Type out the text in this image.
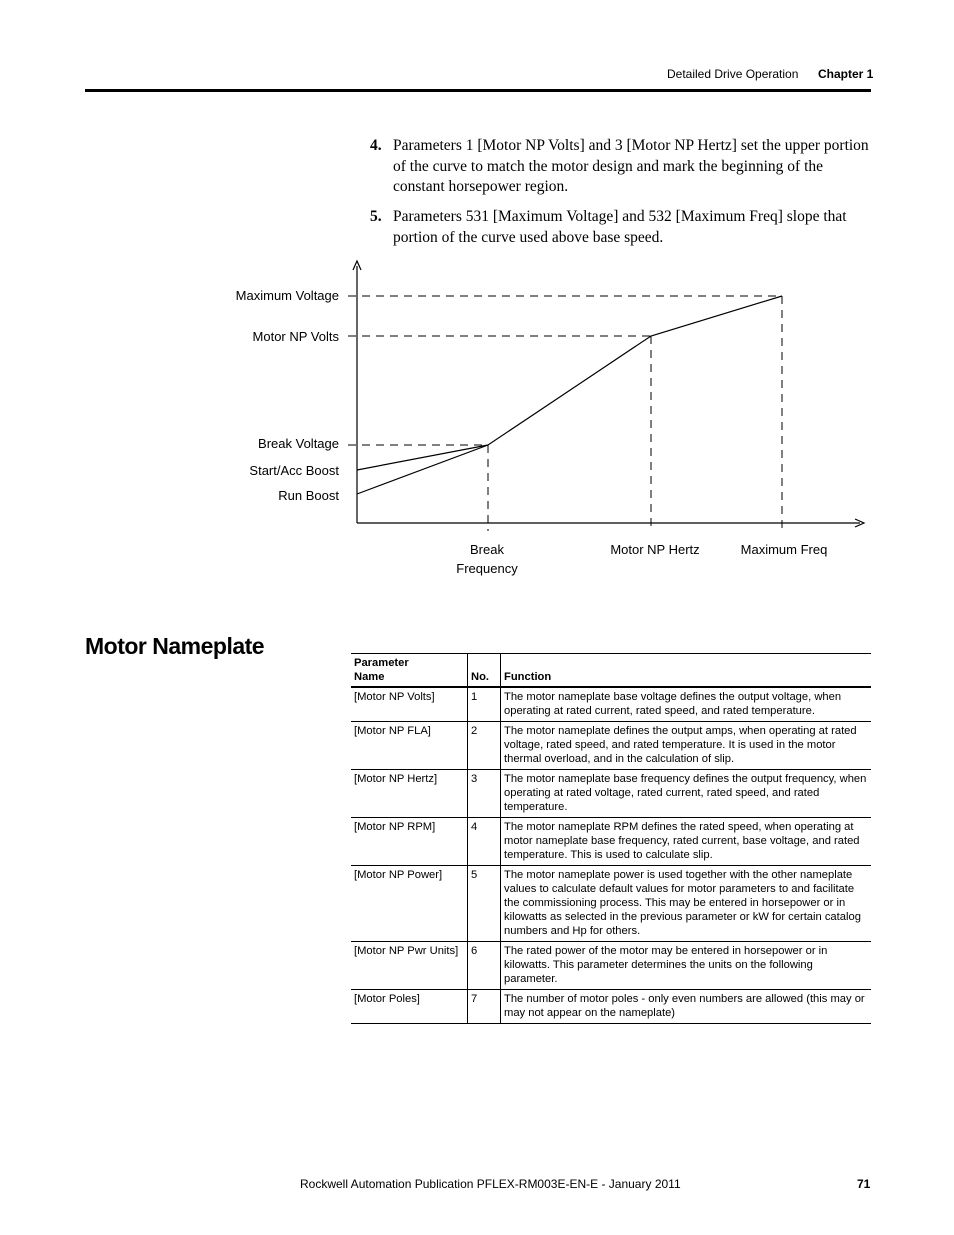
Detailed Drive Operation Chapter 1
4. Parameters 1 [Motor NP Volts] and 3 [Motor NP Hertz] set the upper portion of the curve to match the motor design and mark the beginning of the constant horsepower region.
5. Parameters 531 [Maximum Voltage] and 532 [Maximum Freq] slope that portion of the curve used above base speed.
Maximum Voltage
Motor NP Volts
Break Voltage
Start/Acc Boost
Run Boost
Break
Frequency
Motor NP Hertz	Maximum Freq
Motor Nameplate
Parameter
Name	No.	Function
[Motor NP Volts]	1	The motor nameplate base voltage defines the output voltage, when operating at rated current, rated speed, and rated temperature.
[Motor NP FLA]	2	The motor nameplate defines the output amps, when operating at rated voltage, rated speed, and rated temperature. It is used in the motor thermal overload, and in the calculation of slip.
[Motor NP Hertz]	3	The motor nameplate base frequency defines the output frequency, when operating at rated voltage, rated current, rated speed, and rated temperature.
[Motor NP RPM]	4	The motor nameplate RPM defines the rated speed, when operating at motor nameplate base frequency, rated current, base voltage, and rated temperature. This is used to calculate slip.
[Motor NP Power]	5	The motor nameplate power is used together with the other nameplate values to calculate default values for motor parameters to and facilitate the commissioning process. This may be entered in horsepower or in kilowatts as selected in the previous parameter or kW for certain catalog numbers and Hp for others.
[Motor NP Pwr Units]	6	The rated power of the motor may be entered in horsepower or in kilowatts. This parameter determines the units on the following parameter.
[Motor Poles]	7	The number of motor poles - only even numbers are allowed (this may or may not appear on the nameplate)
Rockwell Automation Publication PFLEX-RM003E-EN-E - January 2011	71
